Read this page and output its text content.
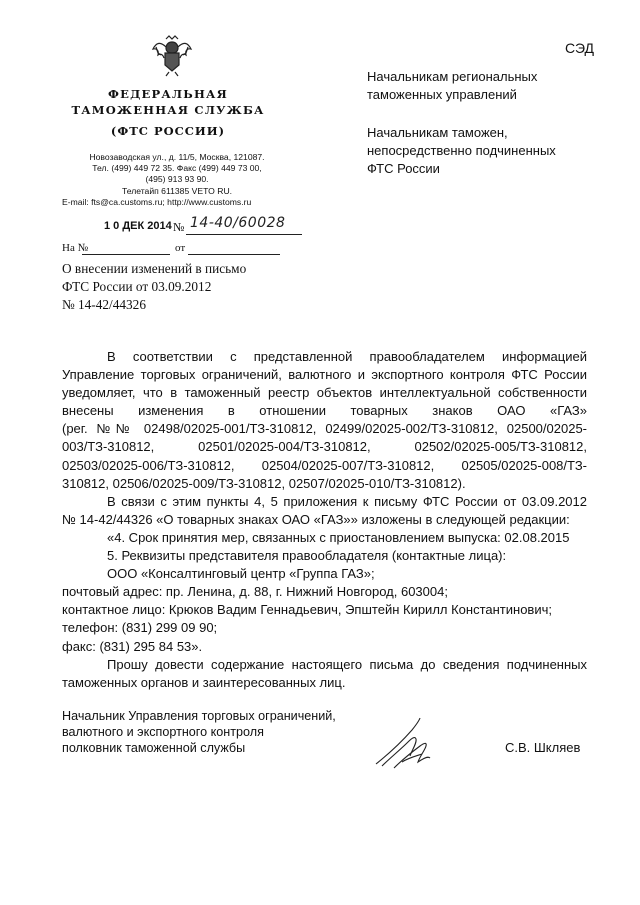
СЭД
ФЕДЕРАЛЬНАЯ
ТАМОЖЕННАЯ СЛУЖБА
(ФТС РОССИИ)
Новозаводская ул., д. 11/5, Москва, 121087.
Тел. (499) 449 72 35. Факс (499) 449 73 00,
(495) 913 93 90.
Телетайп 611385 VETO RU.
E-mail: fts@ca.customs.ru; http://www.customs.ru
1 0 ДЕК 2014 № 14-40/60028
На №	от
О внесении изменений в письмо
ФТС России от 03.09.2012
№ 14-42/44326
Начальникам региональных
таможенных управлений
Начальникам таможен,
непосредственно подчиненных
ФТС России

В соответствии с представленной правообладателем информацией

Управление торговых ограничений, валютного и экспортного контроля ФТС России

уведомляет, что в таможенный реестр объектов интеллектуальной собственности

внесены изменения в отношении товарных знаков ОАО «ГАЗ»

(рег. №№ 02498/02025-001/ТЗ-310812, 02499/02025-002/ТЗ-310812, 02500/02025-

003/ТЗ-310812, 02501/02025-004/ТЗ-310812, 02502/02025-005/ТЗ-310812,

02503/02025-006/ТЗ-310812, 02504/02025-007/ТЗ-310812, 02505/02025-008/ТЗ-

310812, 02506/02025-009/ТЗ-310812, 02507/02025-010/ТЗ-310812).

В связи с этим пункты 4, 5 приложения к письму ФТС России от 03.09.2012

№ 14-42/44326 «О товарных знаках ОАО «ГАЗ»» изложены в следующей редакции:

«4. Срок принятия мер, связанных с приостановлением выпуска: 02.08.2015

5. Реквизиты представителя правообладателя (контактные лица):

ООО «Консалтинговый центр «Группа ГАЗ»;

почтовый адрес: пр. Ленина, д. 88, г. Нижний Новгород, 603004;

контактное лицо: Крюков Вадим Геннадьевич, Эпштейн Кирилл Константинович;

телефон: (831) 299 09 90;

факс: (831) 295 84 53».

Прошу довести содержание настоящего письма до сведения подчиненных

таможенных органов и заинтересованных лиц.

Начальник Управления торговых ограничений,
валютного и экспортного контроля
полковник таможенной службы	С.В. Шкляев
